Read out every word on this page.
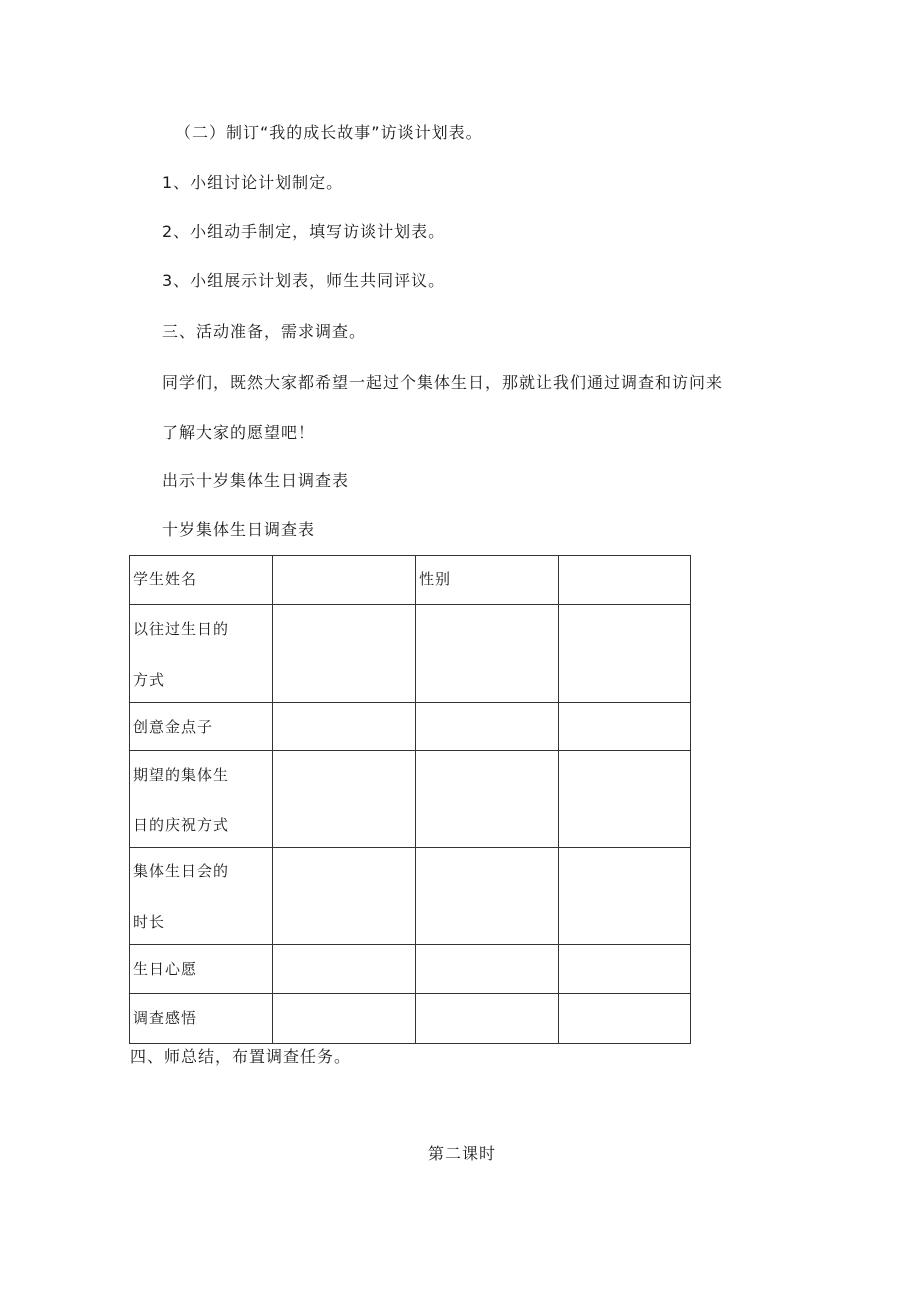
（二）制订“我的成长故事”访谈计划表。
1、小组讨论计划制定。
2、小组动手制定，填写访谈计划表。
3、小组展示计划表，师生共同评议。
三、活动准备，需求调查。
同学们，既然大家都希望一起过个集体生日，那就让我们通过调查和访问来
了解大家的愿望吧！
出示十岁集体生日调查表
十岁集体生日调查表
学生姓名		性别	

以往过生日的
方式			

创意金点子			

期望的集体生
日的庆祝方式			

集体生日会的
时长			

生日心愿			

调查感悟			

四、师总结，布置调查任务。
第二课时
